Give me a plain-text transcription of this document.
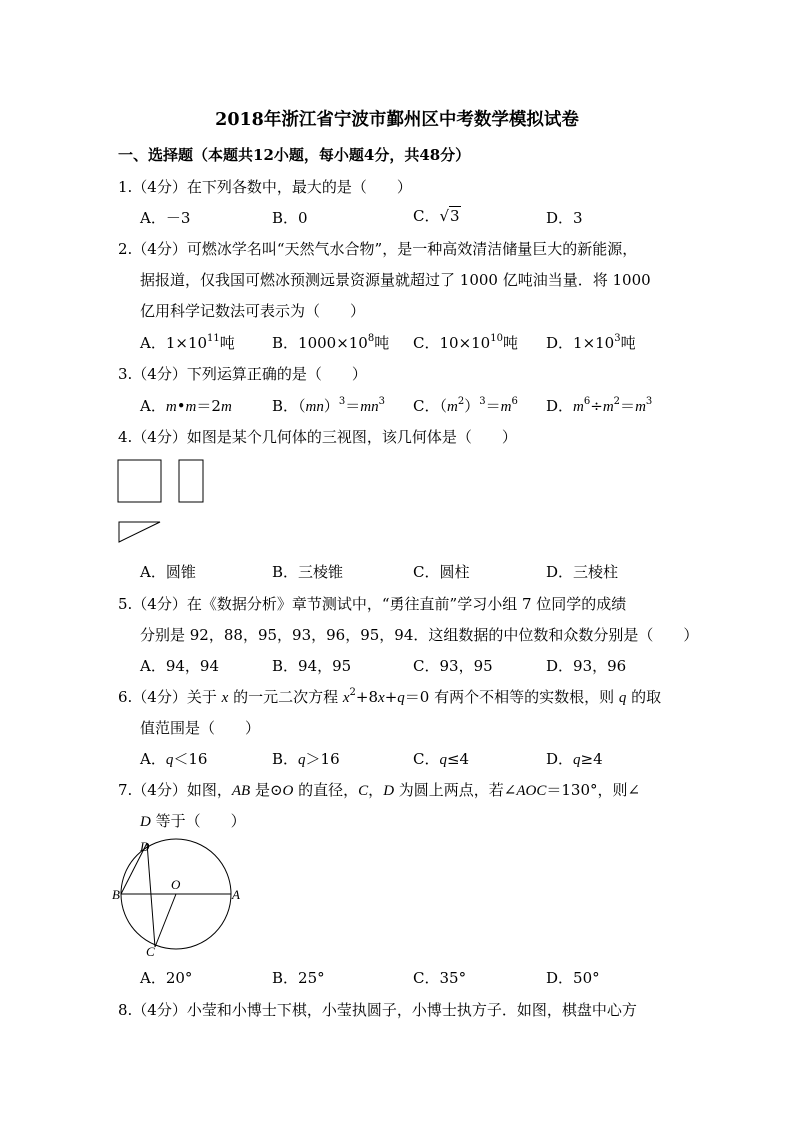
2018年浙江省宁波市鄞州区中考数学模拟试卷
一、选择题（本题共12小题，每小题4分，共48分）
1.（4分）在下列各数中，最大的是（　　）
A．－3	B．0	C．√3	D．3
2.（4分）可燃冰学名叫“天然气水合物”，是一种高效清洁储量巨大的新能源，
据报道，仅我国可燃冰预测远景资源量就超过了 1000 亿吨油当量．将 1000
亿用科学记数法可表示为（　　）
A．$1\times 10^{11}$吨 B．$1000\times 10^8$吨 C．$10\times 10^{10}$吨 D．$1\times 10^3$吨
3.（4分）下列运算正确的是（　　）
A．m•m＝2m	B．$(mn)^3=mn^3$ C．$(m^2)^3=m^6$ D．$m^6\div m^2=m^3$
4.（4分）如图是某个几何体的三视图，该几何体是（　　）
A．圆锥	B．三棱锥	C．圆柱	D．三棱柱
5.（4分）在《数据分析》章节测试中，“勇往直前”学习小组 7 位同学的成绩
分别是 92，88，95，93，96，95，94．这组数据的中位数和众数分别是（　　）
A．94，94	B．94，95	C．93，95	D．93，96
6.（4分）关于 x 的一元二次方程 $x^2+8x+q=0$ 有两个不相等的实数根，则 q 的取
值范围是（　　）
A．q＜16	B．q＞16	C．q≤4	D．q≥4
7.（4分）如图，AB 是⊙O 的直径，C，D 为圆上两点，若∠AOC＝130°，则∠
D 等于（　　）
D
B
O
A
C
A．20°	B．25°	C．35°	D．50°
8.（4分）小莹和小博士下棋，小莹执圆子，小博士执方子．如图，棋盘中心方
